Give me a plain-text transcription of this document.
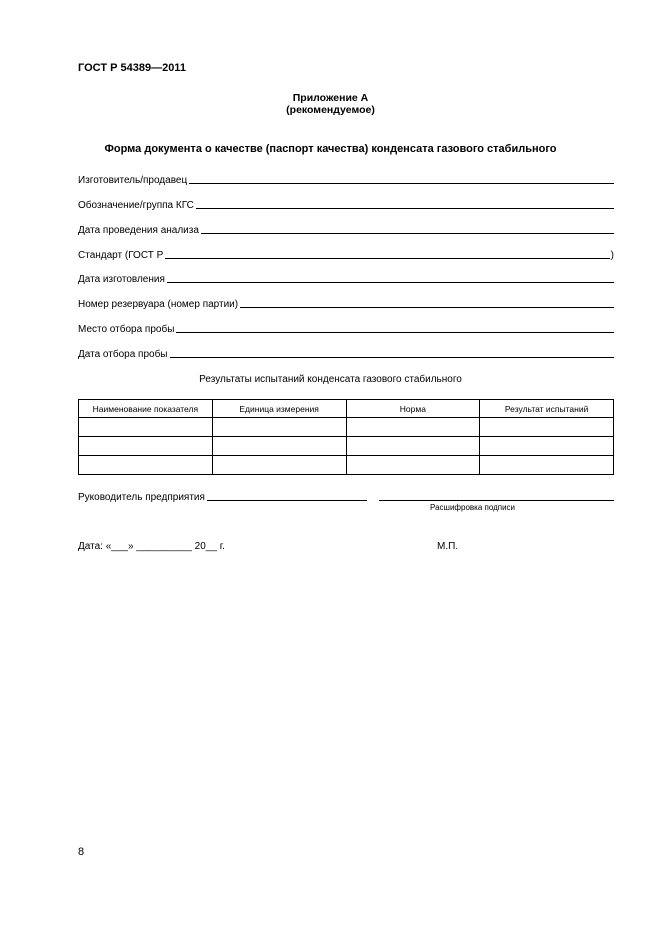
ГОСТ Р 54389—2011
Приложение А
(рекомендуемое)
Форма документа о качестве (паспорт качества) конденсата газового стабильного
Изготовитель/продавец
Обозначение/группа КГС
Дата проведения анализа
Стандарт (ГОСТ Р	)
Дата изготовления
Номер резервуара (номер партии)
Место отбора пробы
Дата отбора пробы
Результаты испытаний конденсата газового стабильного
Наименование показателя	Единица измерения	Норма	Результат испытаний

Руководитель предприятия
Расшифровка подписи
Дата: «___» __________ 20__ г.	М.П.
8
